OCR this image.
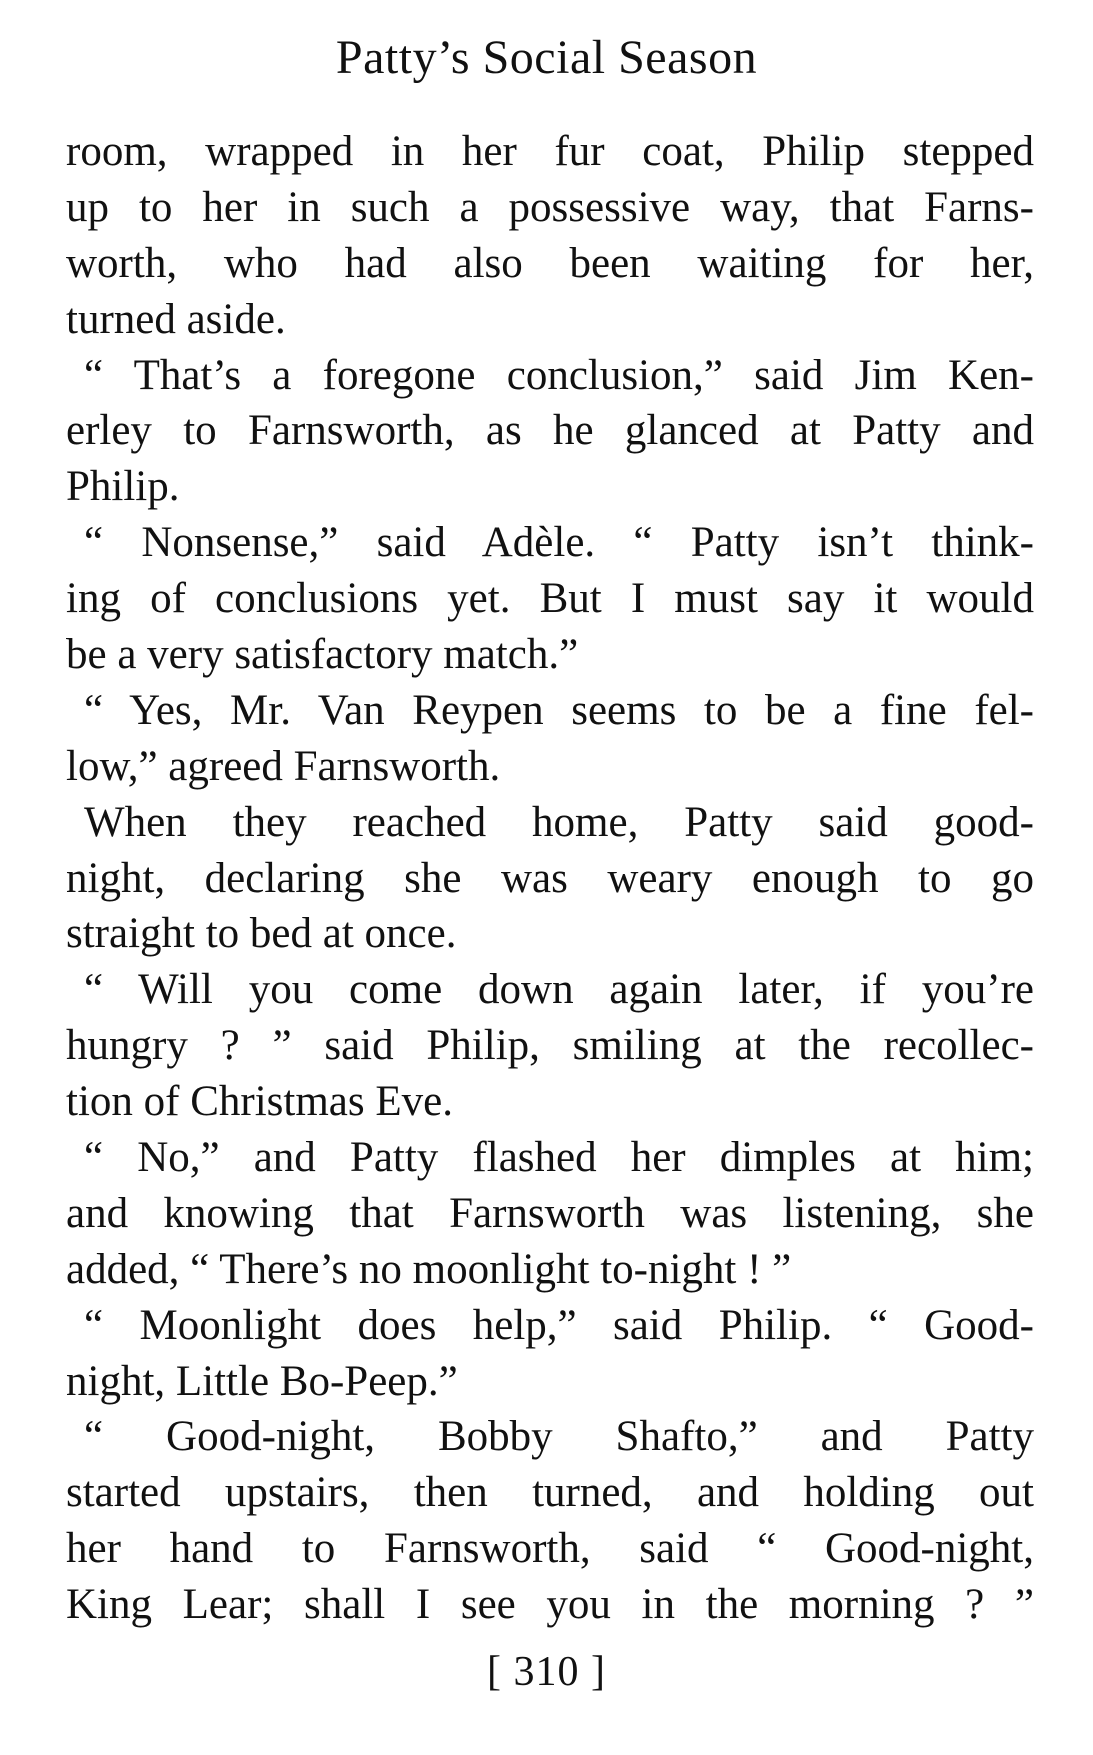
Patty’s Social Season
room, wrapped in her fur coat, Philip stepped
up to her in such a possessive way, that Farns-
worth, who had also been waiting for her,
turned aside.
“ That’s a foregone conclusion,” said Jim Ken-
erley to Farnsworth, as he glanced at Patty and
Philip.
“ Nonsense,” said Adèle. “ Patty isn’t think-
ing of conclusions yet. But I must say it would
be a very satisfactory match.”
“ Yes, Mr. Van Reypen seems to be a fine fel-
low,” agreed Farnsworth.
When they reached home, Patty said good-
night, declaring she was weary enough to go
straight to bed at once.
“ Will you come down again later, if you’re
hungry ? ” said Philip, smiling at the recollec-
tion of Christmas Eve.
“ No,” and Patty flashed her dimples at him;
and knowing that Farnsworth was listening, she
added, “ There’s no moonlight to-night ! ”
“ Moonlight does help,” said Philip. “ Good-
night, Little Bo-Peep.”
“ Good-night, Bobby Shafto,” and Patty
started upstairs, then turned, and holding out
her hand to Farnsworth, said “ Good-night,
King Lear; shall I see you in the morning ? ”
[ 310 ]
